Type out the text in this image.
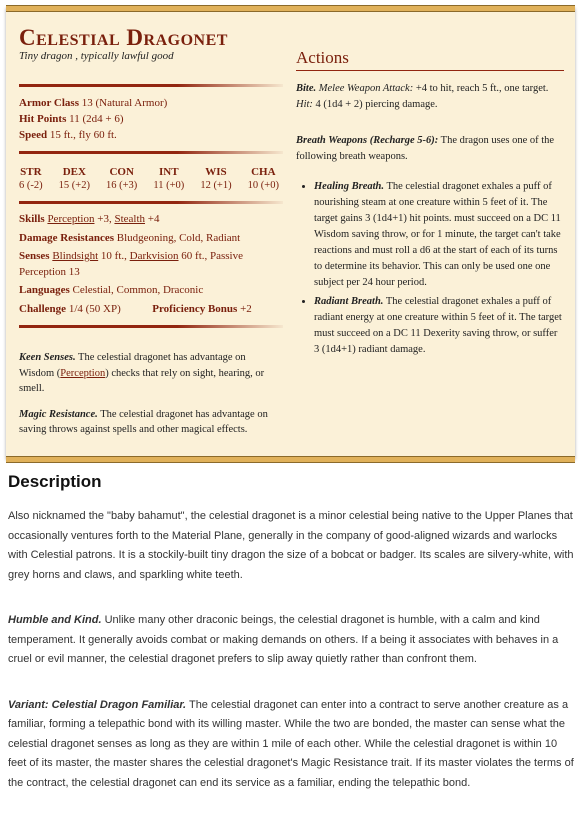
Celestial Dragonet
Tiny dragon , typically lawful good
Armor Class 13 (Natural Armor)
Hit Points 11 (2d4 + 6)
Speed 15 ft., fly 60 ft.
STR
6 (-2)
DEX
15 (+2)
CON
16 (+3)
INT
11 (+0)
WIS
12 (+1)
CHA
10 (+0)
Skills Perception +3, Stealth +4
Damage Resistances Bludgeoning, Cold, Radiant
Senses Blindsight 10 ft., Darkvision 60 ft., Passive Perception 13
Languages Celestial, Common, Draconic
Challenge 1/4 (50 XP)	Proficiency Bonus +2
Keen Senses. The celestial dragonet has advantage on Wisdom (Perception) checks that rely on sight, hearing, or smell.
Magic Resistance. The celestial dragonet has advantage on saving throws against spells and other magical effects.
Actions
Bite. Melee Weapon Attack: +4 to hit, reach 5 ft., one target. Hit: 4 (1d4 + 2) piercing damage.
Breath Weapons (Recharge 5-6): The dragon uses one of the following breath weapons.
• Healing Breath. The celestial dragonet exhales a puff of nourishing steam at one creature within 5 feet of it. The target gains 3 (1d4+1) hit points. must succeed on a DC 11 Wisdom saving throw, or for 1 minute, the target can't take reactions and must roll a d6 at the start of each of its turns to determine its behavior. This can only be used one one subject per 24 hour period.
• Radiant Breath. The celestial dragonet exhales a puff of radiant energy at one creature within 5 feet of it. The target must succeed on a DC 11 Dexerity saving throw, or suffer 3 (1d4+1) radiant damage.
Description
Also nicknamed the "baby bahamut", the celestial dragonet is a minor celestial being native to the Upper Planes that occasionally ventures forth to the Material Plane, generally in the company of good-aligned wizards and warlocks with Celestial patrons. It is a stockily-built tiny dragon the size of a bobcat or badger. Its scales are silvery-white, with grey horns and claws, and sparkling white teeth.
Humble and Kind. Unlike many other draconic beings, the celestial dragonet is humble, with a calm and kind temperament. It generally avoids combat or making demands on others. If a being it associates with behaves in a cruel or evil manner, the celestial dragonet prefers to slip away quietly rather than confront them.
Variant: Celestial Dragon Familiar. The celestial dragonet can enter into a contract to serve another creature as a familiar, forming a telepathic bond with its willing master. While the two are bonded, the master can sense what the celestial dragonet senses as long as they are within 1 mile of each other. While the celestial dragonet is within 10 feet of its master, the master shares the celestial dragonet's Magic Resistance trait. If its master violates the terms of the contract, the celestial dragonet can end its service as a familiar, ending the telepathic bond.
